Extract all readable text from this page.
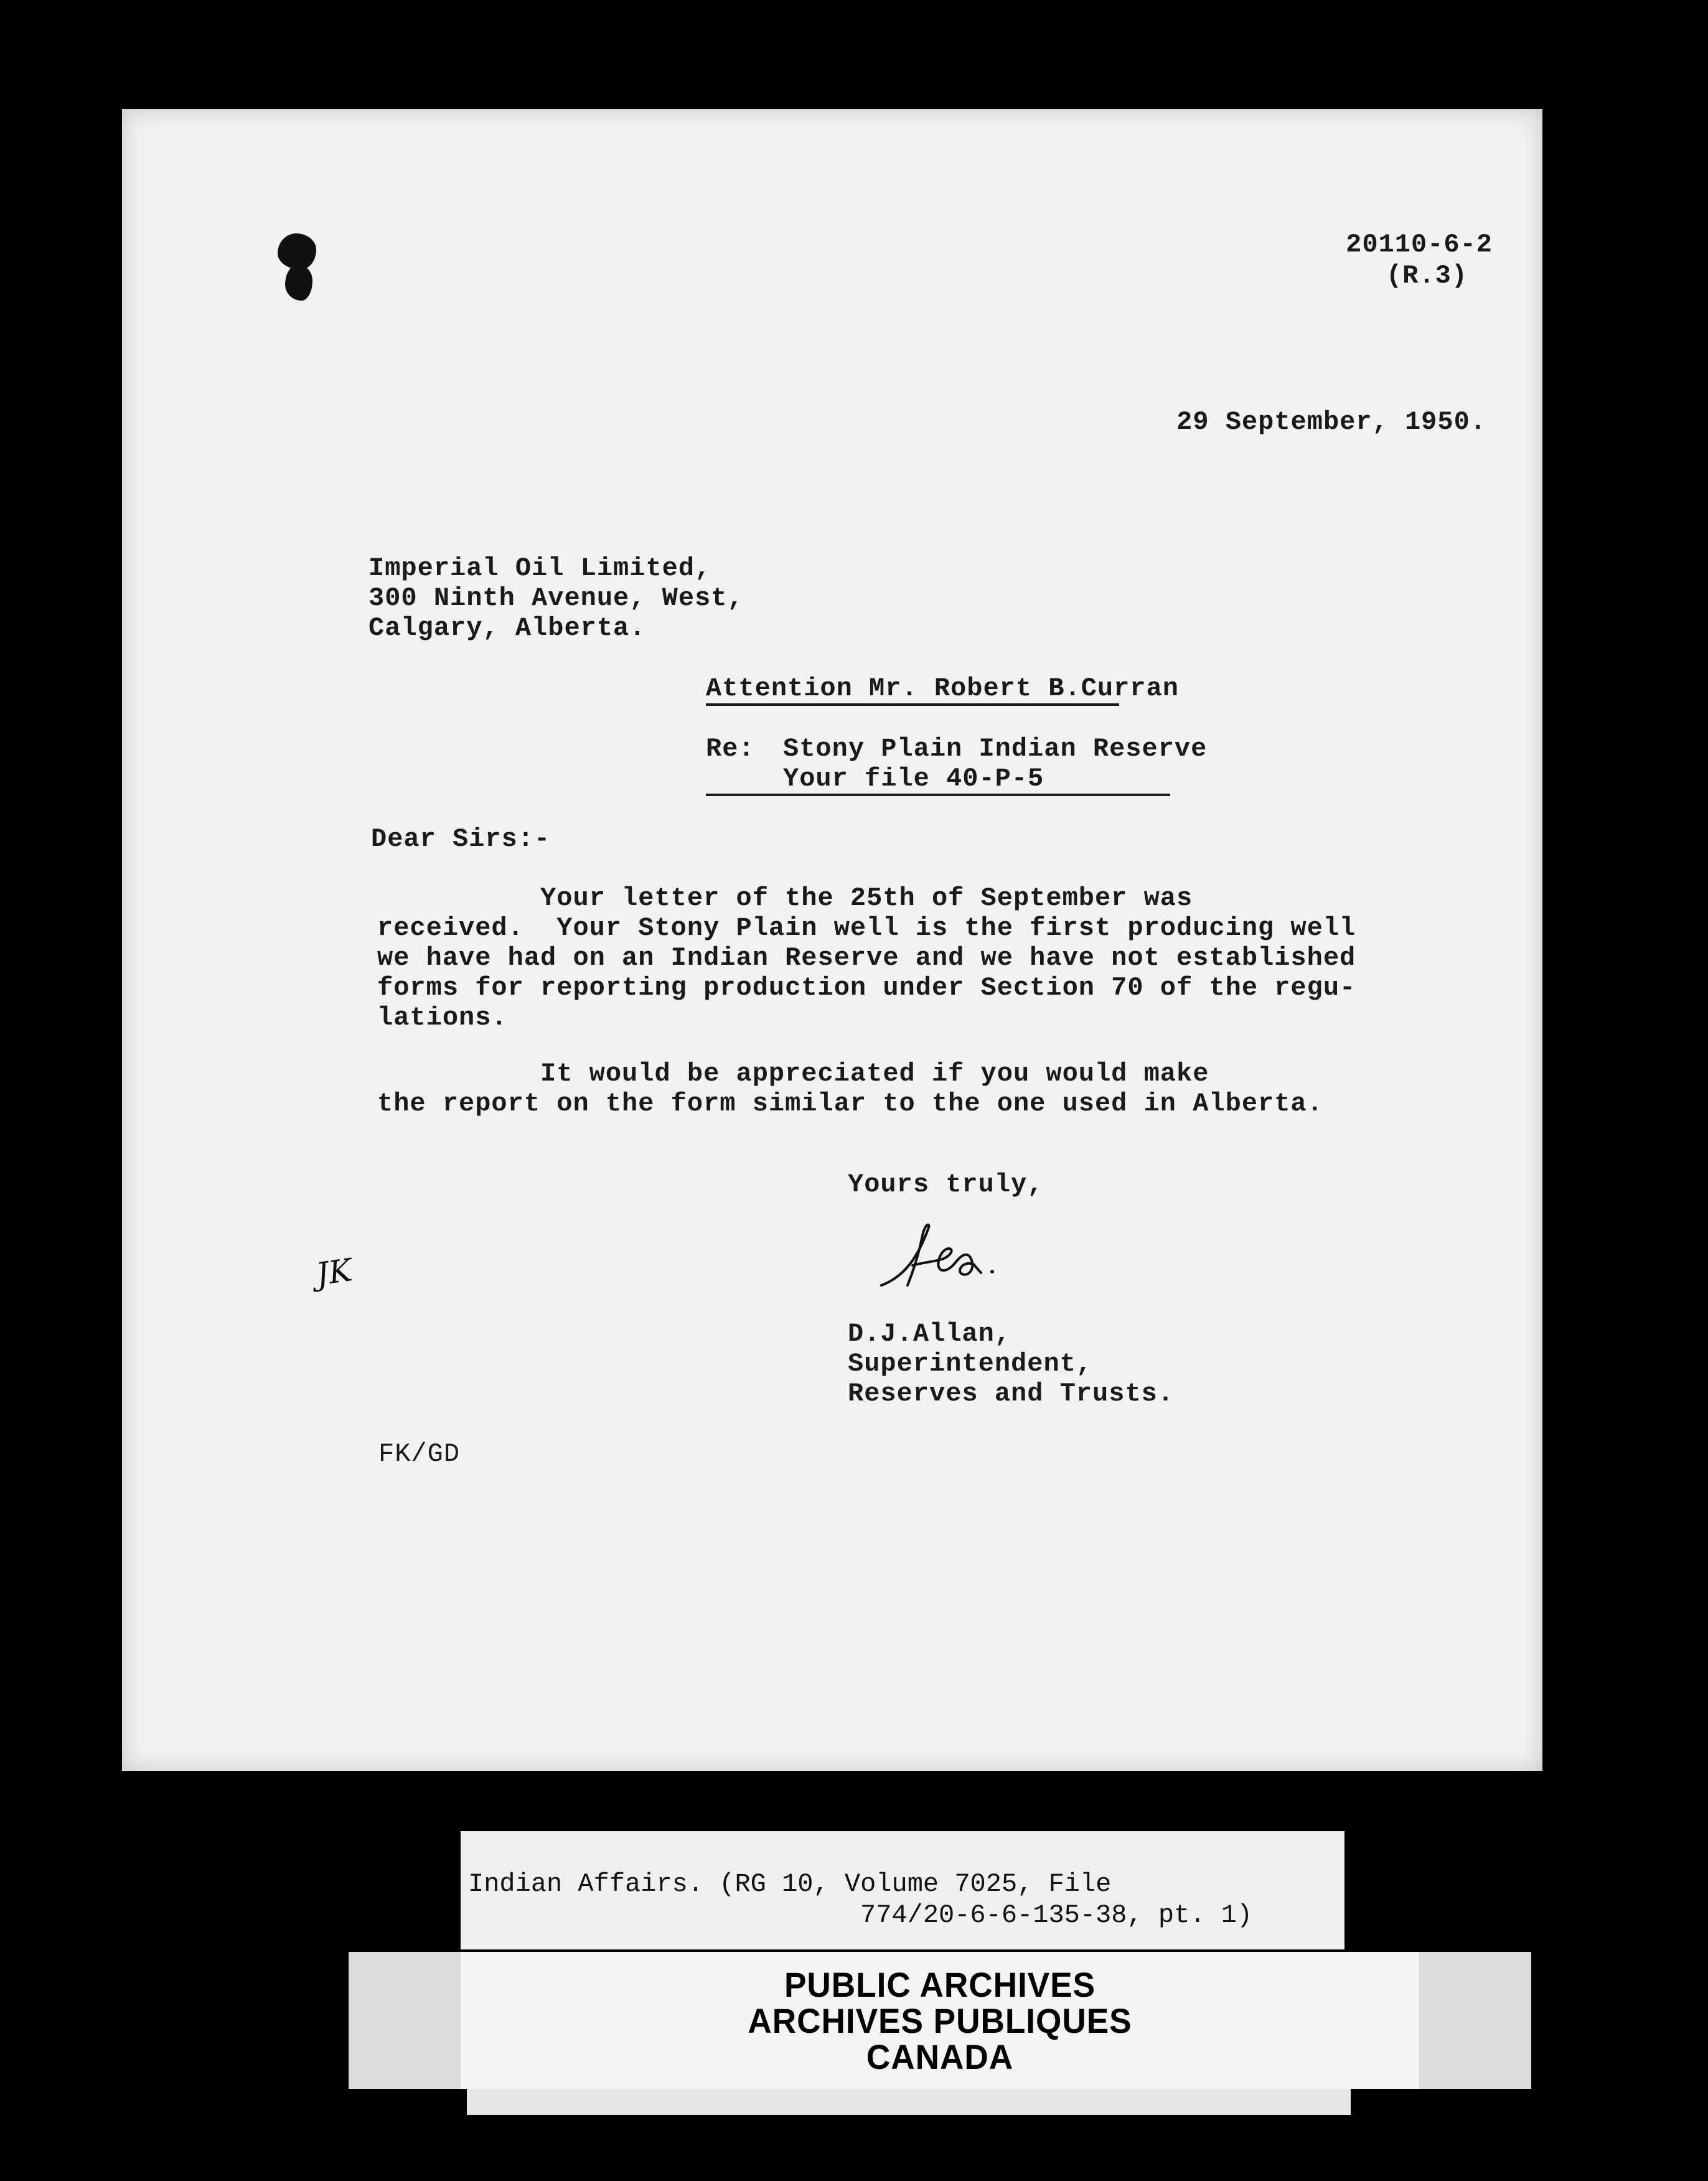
20110-6-2
(R.3)
29 September, 1950.
Imperial Oil Limited,
300 Ninth Avenue, West,
Calgary, Alberta.
Attention Mr. Robert B.Curran
Re: Stony Plain Indian Reserve
Your file 40-P-5
Dear Sirs:-
Your letter of the 25th of September was
received.  Your Stony Plain well is the first producing well
we have had on an Indian Reserve and we have not established
forms for reporting production under Section 70 of the regu-
lations.
It would be appreciated if you would make
the report on the form similar to the one used in Alberta.
Yours truly,
D.J.Allan,
Superintendent,
Reserves and Trusts.
JK
FK/GD
Indian Affairs. (RG 10, Volume 7025, File
774/20-6-6-135-38, pt. 1)
PUBLIC ARCHIVES
ARCHIVES PUBLIQUES
CANADA
